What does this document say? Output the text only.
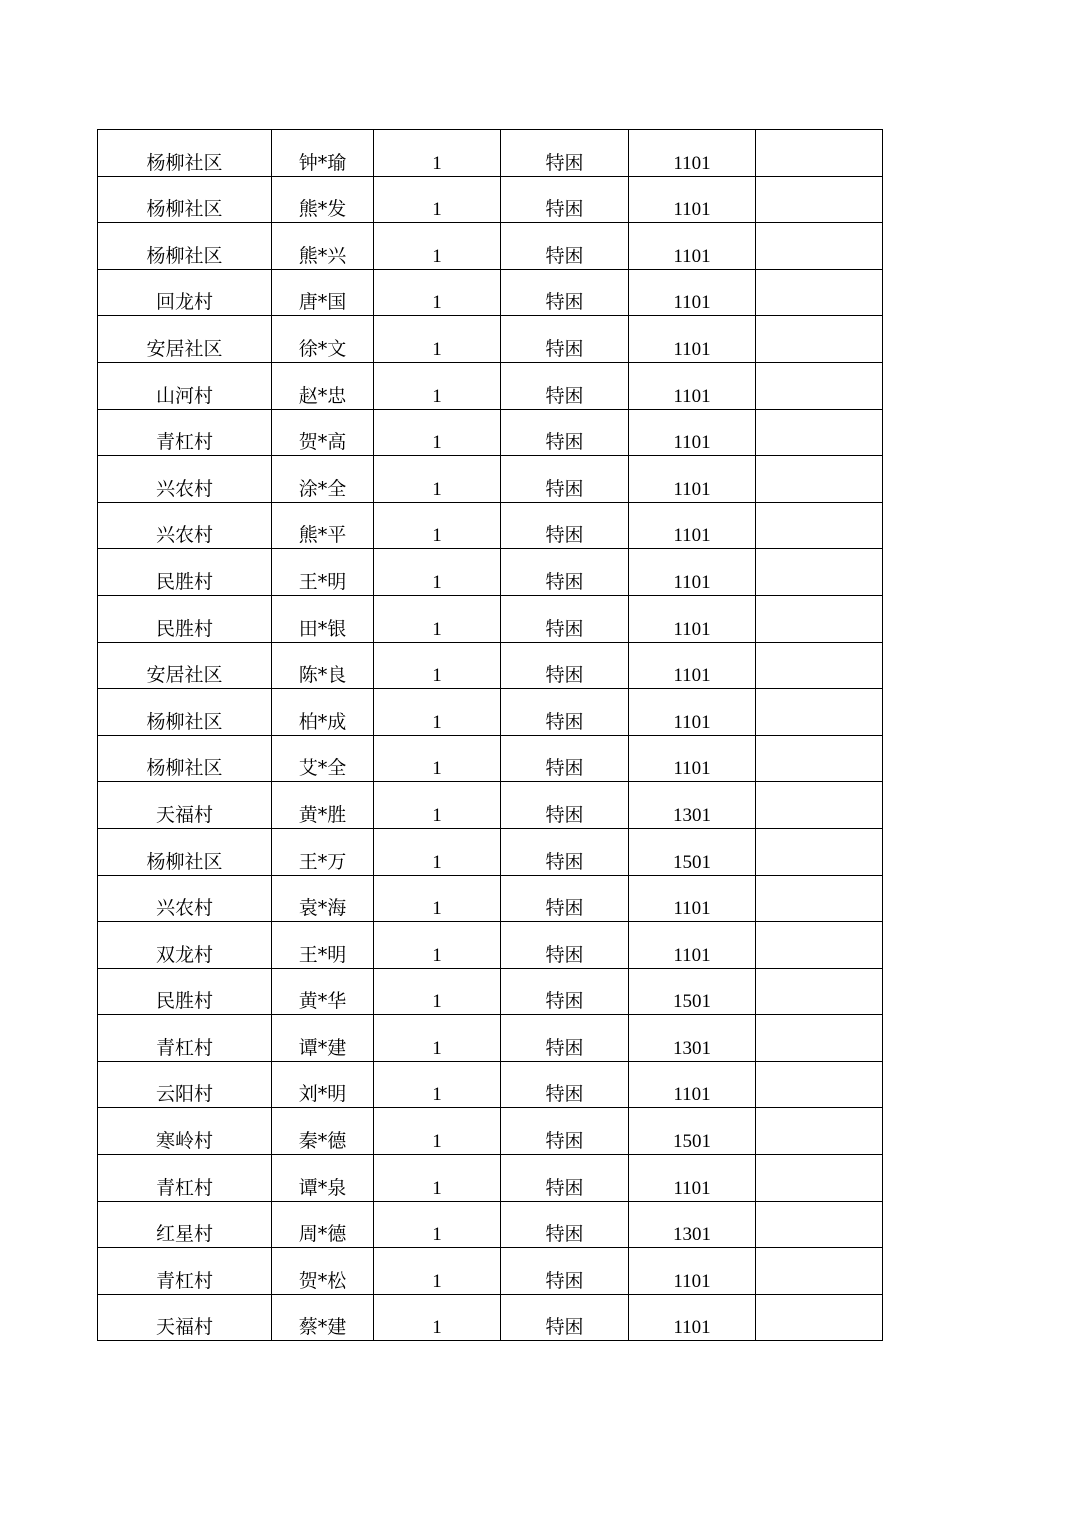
杨柳社区	钟*瑜	1	特困	1101	
杨柳社区	熊*发	1	特困	1101	
杨柳社区	熊*兴	1	特困	1101	
回龙村	唐*国	1	特困	1101	
安居社区	徐*文	1	特困	1101	
山河村	赵*忠	1	特困	1101	
青杠村	贺*高	1	特困	1101	
兴农村	涂*全	1	特困	1101	
兴农村	熊*平	1	特困	1101	
民胜村	王*明	1	特困	1101	
民胜村	田*银	1	特困	1101	
安居社区	陈*良	1	特困	1101	
杨柳社区	柏*成	1	特困	1101	
杨柳社区	艾*全	1	特困	1101	
天福村	黄*胜	1	特困	1301	
杨柳社区	王*万	1	特困	1501	
兴农村	袁*海	1	特困	1101	
双龙村	王*明	1	特困	1101	
民胜村	黄*华	1	特困	1501	
青杠村	谭*建	1	特困	1301	
云阳村	刘*明	1	特困	1101	
寒岭村	秦*德	1	特困	1501	
青杠村	谭*泉	1	特困	1101	
红星村	周*德	1	特困	1301	
青杠村	贺*松	1	特困	1101	
天福村	蔡*建	1	特困	1101	
